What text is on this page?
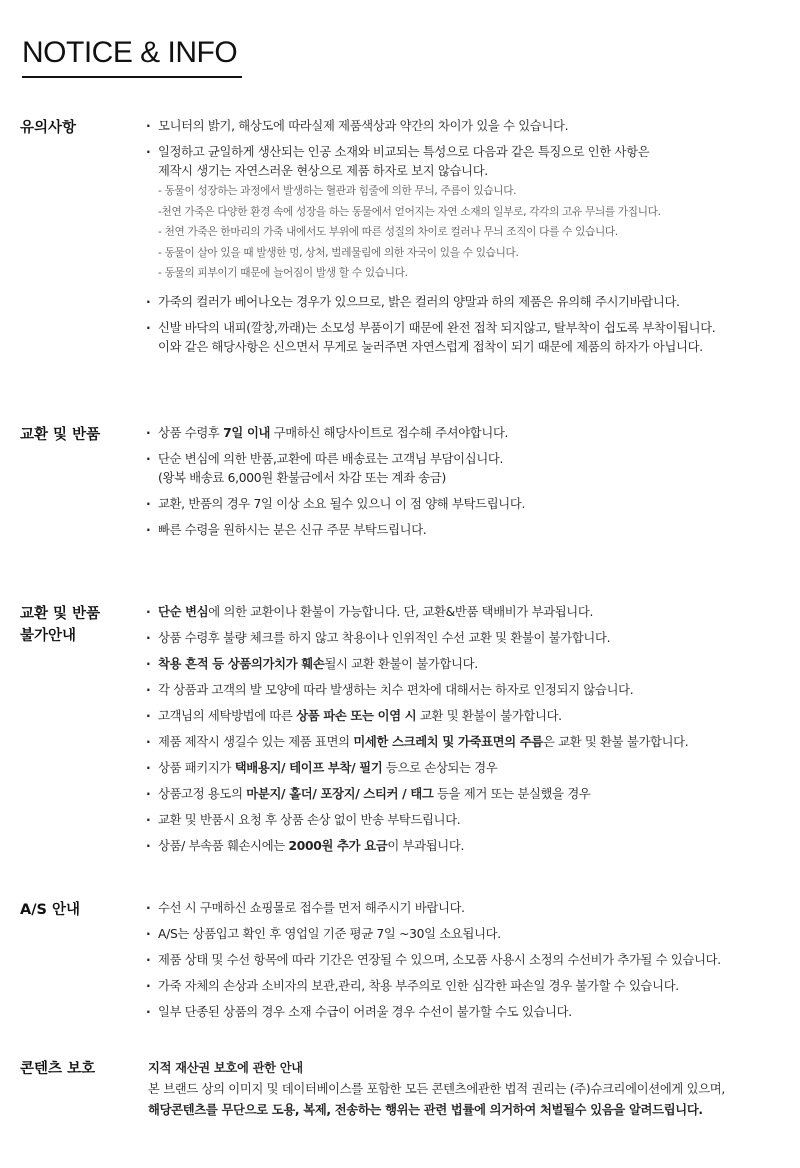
NOTICE & INFO
유의사항	· 모니터의 밝기, 해상도에 따라실제 제품색상과 약간의 차이가 있을 수 있습니다.
· 일정하고 균일하게 생산되는 인공 소재와 비교되는 특성으로 다음과 같은 특징으로 인한 사항은
제작시 생기는 자연스러운 현상으로 제품 하자로 보지 않습니다.
- 동물이 성장하는 과정에서 발생하는 혈관과 힘줄에 의한 무늬, 주름이 있습니다.
-천연 가죽은 다양한 환경 속에 성장을 하는 동물에서 얻어지는 자연 소재의 일부로, 각각의 고유 무늬를 가집니다.
- 천연 가죽은 한마리의 가죽 내에서도 부위에 따른 성질의 차이로 컬러나 무늬 조직이 다를 수 있습니다.
- 동물이 살아 있을 때 발생한 멍, 상처, 벌레물림에 의한 자국이 있을 수 있습니다.
- 동물의 피부이기 때문에 늘어짐이 발생 할 수 있습니다.
· 가죽의 컬러가 베어나오는 경우가 있으므로, 밝은 컬러의 양말과 하의 제품은 유의해 주시기바랍니다.
· 신발 바닥의 내피(깔창,까래)는 소모성 부품이기 때문에 완전 접착 되지않고, 탈부착이 쉽도록 부착이됩니다.
이와 같은 해당사항은 신으면서 무게로 눌러주면 자연스럽게 접착이 되기 때문에 제품의 하자가 아닙니다.
교환 및 반품	· 상품 수령후 7일 이내 구매하신 해당사이트로 접수해 주셔야합니다.
· 단순 변심에 의한 반품,교환에 따른 배송료는 고객님 부담이십니다.
(왕복 배송료 6,000원 환불금에서 차감 또는 계좌 송금)
· 교환, 반품의 경우 7일 이상 소요 될수 있으니 이 점 양해 부탁드립니다.
· 빠른 수령을 원하시는 분은 신규 주문 부탁드립니다.
교환 및 반품
불가안내
· 단순 변심에 의한 교환이나 환불이 가능합니다. 단, 교환&반품 택배비가 부과됩니다.
· 상품 수령후 불량 체크를 하지 않고 착용이나 인위적인 수선 교환 및 환불이 불가합니다.
· 착용 흔적 등 상품의가치가 훼손될시 교환 환불이 불가합니다.
· 각 상품과 고객의 발 모양에 따라 발생하는 치수 편차에 대해서는 하자로 인정되지 않습니다.
· 고객님의 세탁방법에 따른 상품 파손 또는 이염 시 교환 및 환불이 불가합니다.
· 제품 제작시 생길수 있는 제품 표면의 미세한 스크레치 및 가죽표면의 주름은 교환 및 환불 불가합니다.
· 상품 패키지가 택배용지/ 테이프 부착/ 필기 등으로 손상되는 경우
· 상품고정 용도의 마분지/ 홀더/ 포장지/ 스티커 / 태그 등을 제거 또는 분실했을 경우
· 교환 및 반품시 요청 후 상품 손상 없이 반송 부탁드립니다.
· 상품/ 부속품 훼손시에는 2000원 추가 요금이 부과됩니다.
A/S 안내	· 수선 시 구매하신 쇼핑몰로 접수를 먼저 해주시기 바랍니다.
· A/S는 상품입고 확인 후 영업일 기준 평균 7일 ~30일 소요됩니다.
· 제품 상태 및 수선 항목에 따라 기간은 연장될 수 있으며, 소모품 사용시 소정의 수선비가 추가될 수 있습니다.
· 가죽 자체의 손상과 소비자의 보관,관리, 착용 부주의로 인한 심각한 파손일 경우 불가할 수 있습니다.
· 일부 단종된 상품의 경우 소재 수급이 어려울 경우 수선이 불가할 수도 있습니다.
콘텐츠 보호	지적 재산권 보호에 관한 안내
본 브랜드 상의 이미지 및 데이터베이스를 포함한 모든 콘텐츠에관한 법적 권리는 (주)슈크리에이션에게 있으며,
해당콘텐츠를 무단으로 도용, 복제, 전송하는 행위는 관련 법률에 의거하여 처벌될수 있음을 알려드립니다.
